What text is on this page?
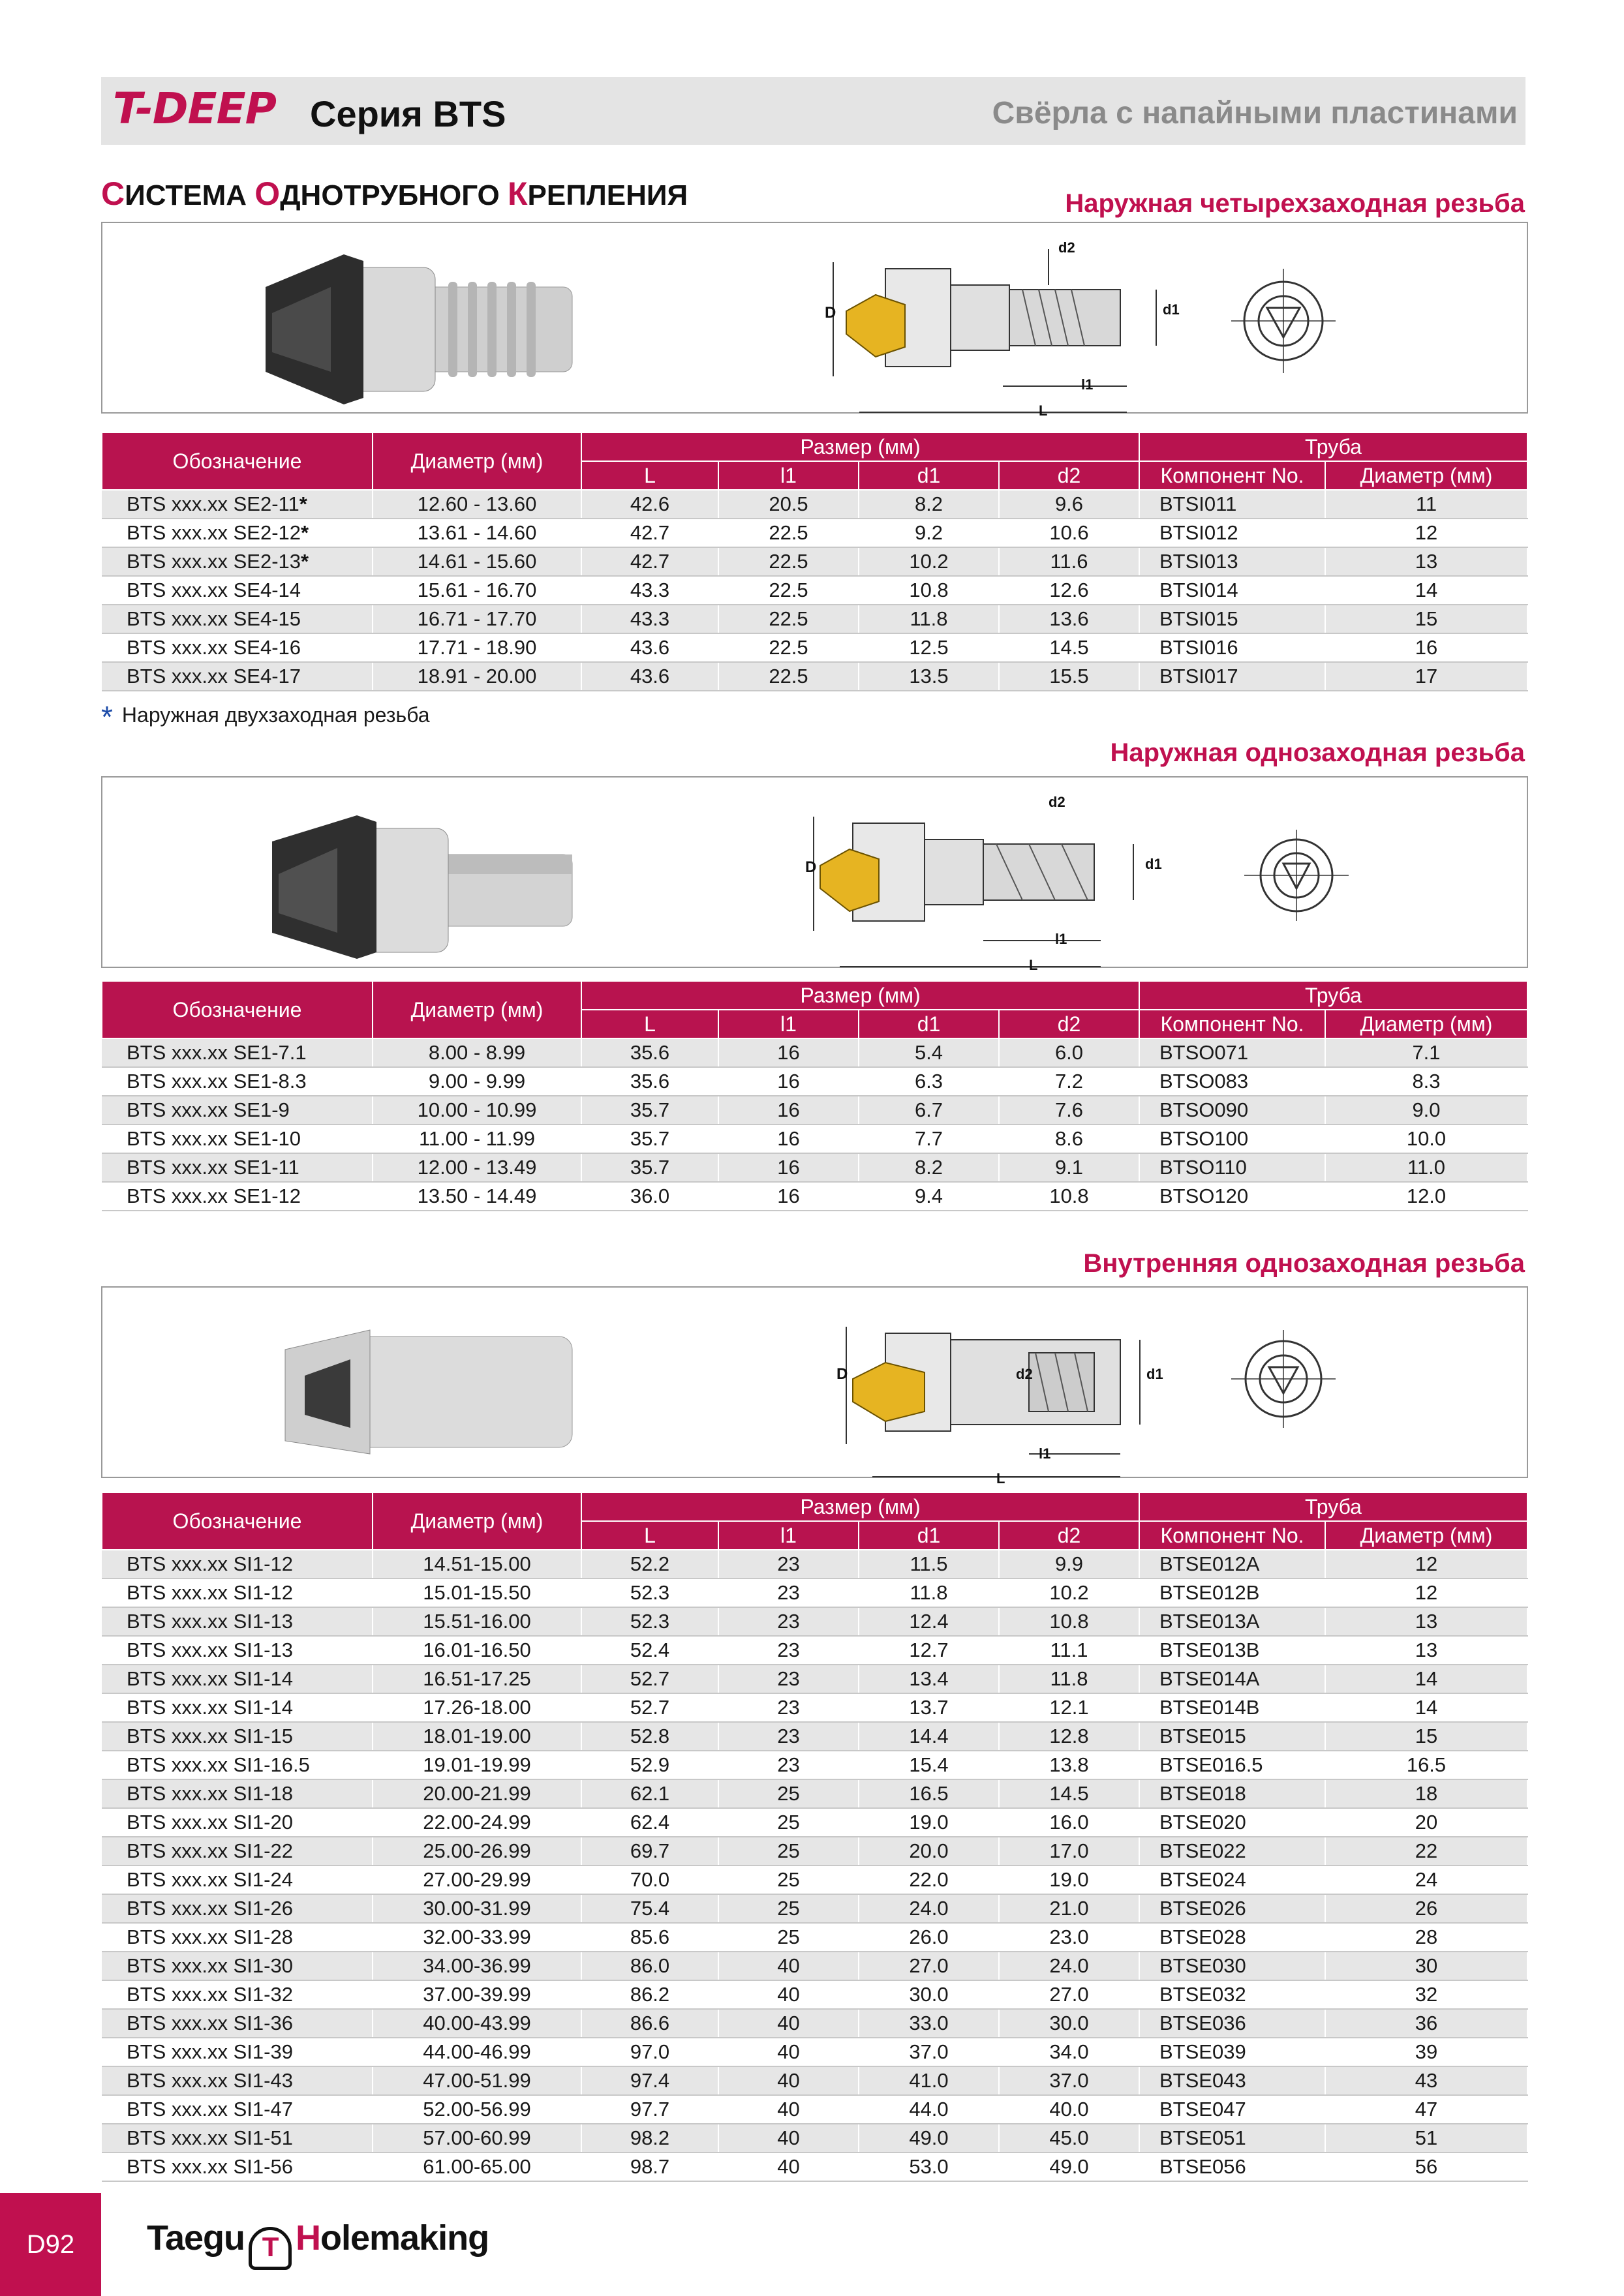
T-DEEP Серия BTS	Свёрла с напайными пластинами
СИСТЕМА ОДНОТРУБНОГО КРЕПЛЕНИЯ	Наружная четырехзаходная резьба
D
L
l1
d1
d2
Обозначение	Диаметр (мм)	Размер (мм)				Труба	
		L	l1	d1	d2	Компонент No.	Диаметр (мм)
BTS xxx.xx SE2-11*	12.60 - 13.60	42.6	20.5	8.2	9.6	BTSI011	11
BTS xxx.xx SE2-12*	13.61 - 14.60	42.7	22.5	9.2	10.6	BTSI012	12
BTS xxx.xx SE2-13*	14.61 - 15.60	42.7	22.5	10.2	11.6	BTSI013	13
BTS xxx.xx SE4-14	15.61 - 16.70	43.3	22.5	10.8	12.6	BTSI014	14
BTS xxx.xx SE4-15	16.71 - 17.70	43.3	22.5	11.8	13.6	BTSI015	15
BTS xxx.xx SE4-16	17.71 - 18.90	43.6	22.5	12.5	14.5	BTSI016	16
BTS xxx.xx SE4-17	18.91 - 20.00	43.6	22.5	13.5	15.5	BTSI017	17
* Наружная двухзаходная резьба
Наружная однозаходная резьба
D
L
l1
d1
d2
Обозначение	Диаметр (мм)	Размер (мм)				Труба	
		L	l1	d1	d2	Компонент No.	Диаметр (мм)
BTS xxx.xx SE1-7.1	8.00 - 8.99	35.6	16	5.4	6.0	BTSO071	7.1
BTS xxx.xx SE1-8.3	9.00 - 9.99	35.6	16	6.3	7.2	BTSO083	8.3
BTS xxx.xx SE1-9	10.00 - 10.99	35.7	16	6.7	7.6	BTSO090	9.0
BTS xxx.xx SE1-10	11.00 - 11.99	35.7	16	7.7	8.6	BTSO100	10.0
BTS xxx.xx SE1-11	12.00 - 13.49	35.7	16	8.2	9.1	BTSO110	11.0
BTS xxx.xx SE1-12	13.50 - 14.49	36.0	16	9.4	10.8	BTSO120	12.0
Внутренняя однозаходная резьба
D
L
l1
d1
d2
Обозначение	Диаметр (мм)	Размер (мм)				Труба	
		L	l1	d1	d2	Компонент No.	Диаметр (мм)
BTS xxx.xx SI1-12	14.51-15.00	52.2	23	11.5	9.9	BTSE012A	12
BTS xxx.xx SI1-12	15.01-15.50	52.3	23	11.8	10.2	BTSE012B	12
BTS xxx.xx SI1-13	15.51-16.00	52.3	23	12.4	10.8	BTSE013A	13
BTS xxx.xx SI1-13	16.01-16.50	52.4	23	12.7	11.1	BTSE013B	13
BTS xxx.xx SI1-14	16.51-17.25	52.7	23	13.4	11.8	BTSE014A	14
BTS xxx.xx SI1-14	17.26-18.00	52.7	23	13.7	12.1	BTSE014B	14
BTS xxx.xx SI1-15	18.01-19.00	52.8	23	14.4	12.8	BTSE015	15
BTS xxx.xx SI1-16.5	19.01-19.99	52.9	23	15.4	13.8	BTSE016.5	16.5
BTS xxx.xx SI1-18	20.00-21.99	62.1	25	16.5	14.5	BTSE018	18
BTS xxx.xx SI1-20	22.00-24.99	62.4	25	19.0	16.0	BTSE020	20
BTS xxx.xx SI1-22	25.00-26.99	69.7	25	20.0	17.0	BTSE022	22
BTS xxx.xx SI1-24	27.00-29.99	70.0	25	22.0	19.0	BTSE024	24
BTS xxx.xx SI1-26	30.00-31.99	75.4	25	24.0	21.0	BTSE026	26
BTS xxx.xx SI1-28	32.00-33.99	85.6	25	26.0	23.0	BTSE028	28
BTS xxx.xx SI1-30	34.00-36.99	86.0	40	27.0	24.0	BTSE030	30
BTS xxx.xx SI1-32	37.00-39.99	86.2	40	30.0	27.0	BTSE032	32
BTS xxx.xx SI1-36	40.00-43.99	86.6	40	33.0	30.0	BTSE036	36
BTS xxx.xx SI1-39	44.00-46.99	97.0	40	37.0	34.0	BTSE039	39
BTS xxx.xx SI1-43	47.00-51.99	97.4	40	41.0	37.0	BTSE043	43
BTS xxx.xx SI1-47	52.00-56.99	97.7	40	44.0	40.0	BTSE047	47
BTS xxx.xx SI1-51	57.00-60.99	98.2	40	49.0	45.0	BTSE051	51
BTS xxx.xx SI1-56	61.00-65.00	98.7	40	53.0	49.0	BTSE056	56
D92	Taegu T Holemaking
